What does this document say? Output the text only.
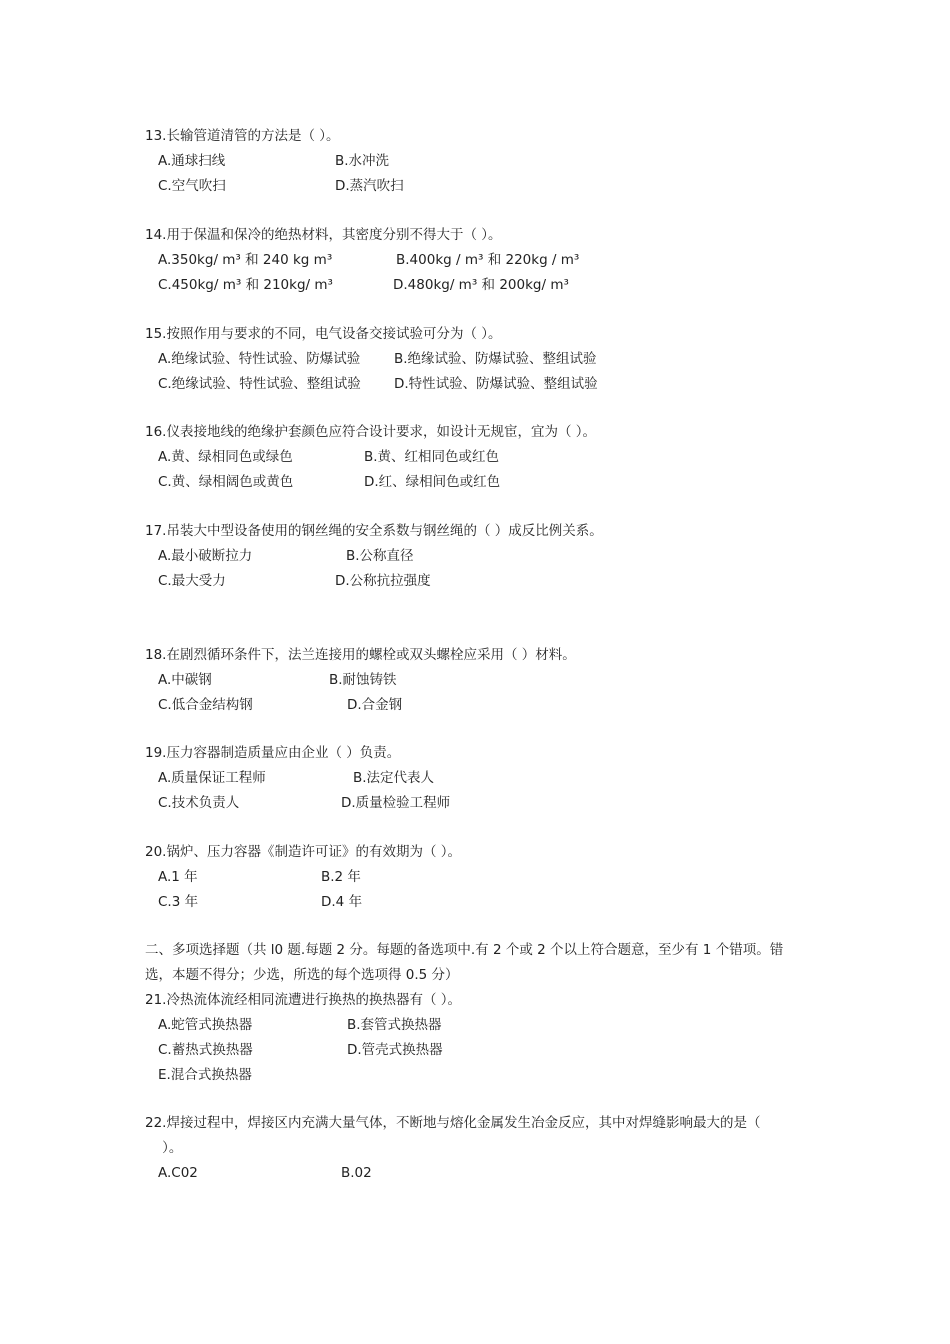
13.长输管道清管的方法是（ ）。
A.通球扫线	B.水冲洗
C.空气吹扫	D.蒸汽吹扫
14.用于保温和保冷的绝热材料，其密度分别不得大于（ ）。
A.350kg/ m³ 和 240 kg m³	B.400kg / m³ 和 220kg / m³
C.450kg/ m³ 和 210kg/ m³	D.480kg/ m³ 和 200kg/ m³
15.按照作用与要求的不同，电气设备交接试验可分为（ ）。
A.绝缘试验、特性试验、防爆试验 B.绝缘试验、防爆试验、整组试验
C.绝缘试验、特性试验、整组试验 D.特性试验、防爆试验、整组试验
16.仪表接地线的绝缘护套颜色应符合设计要求，如设计无规宦，宜为（ ）。
A.黄、绿相同色或绿色	B.黄、红相同色或红色
C.黄、绿相阔色或黄色	D.红、绿相间色或红色
17.吊装大中型设备使用的钢丝绳的安全系数与钢丝绳的（ ）成反比例关系。
A.最小破断拉力	B.公称直径
C.最大受力	D.公称抗拉强度
18.在剧烈循环条件下，法兰连接用的螺栓或双头螺栓应采用（ ）材料。
A.中碳钢	B.耐蚀铸铁
C.低合金结构钢	D.合金钢
19.压力容器制造质量应由企业（ ）负责。
A.质量保证工程师	B.法定代表人
C.技术负责人	D.质量检验工程师
20.锅炉、压力容器《制造许可证》的有效期为（ ）。
A.1 年	B.2 年
C.3 年	D.4 年
二、多项选择题（共 l0 题.每题 2 分。每题的备选项中.有 2 个或 2 个以上符合题意，至少有 1 个错项。错
选，本题不得分；少选，所选的每个选项得 0.5 分）
21.冷热流体流经相同流遭进行换热的换热器有（ ）。
A.蛇管式换热器	B.套管式换热器
C.蓄热式换热器	D.管壳式换热器
E.混合式换热器
22.焊接过程中，焊接区内充满大量气体，不断地与熔化金属发生冶金反应，其中对焊缝影响最大的是（
）。
A.C02	B.02
